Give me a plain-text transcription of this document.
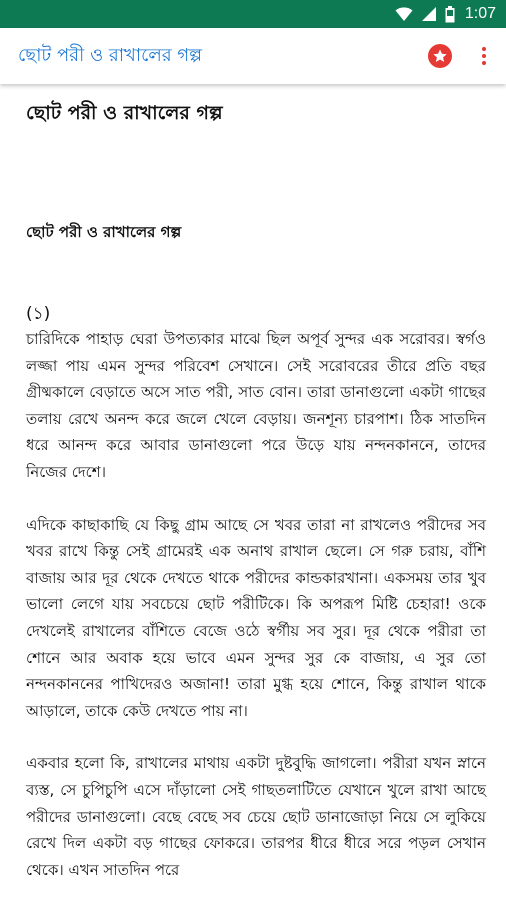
1:07
ছোট পরী ও রাখালের গল্প
ছোট পরী ও রাখালের গল্প
ছোট পরী ও রাখালের গল্প
(১)

চারিদিকে পাহাড় ঘেরা উপত্যকার মাঝে ছিল অপূর্ব সুন্দর এক সরোবর। স্বর্গও লজ্জা পায় এমন সুন্দর পরিবেশ সেখানে। সেই সরোবরের তীরে প্রতি বছর গ্রীষ্মকালে বেড়াতে অসে সাত পরী, সাত বোন। তারা ডানাগুলো একটা গাছের তলায় রেখে অনন্দ করে জলে খেলে বেড়ায়। জনশূন্য চারপাশ। ঠিক সাতদিন ধরে আনন্দ করে আবার ডানাগুলো পরে উড়ে যায় নন্দনকাননে, তাদের নিজের দেশে।

এদিকে কাছাকাছি যে কিছু গ্রাম আছে সে খবর তারা না রাখলেও পরীদের সব খবর রাখে কিন্তু সেই গ্রামেরই এক অনাথ রাখাল ছেলে। সে গরু চরায়, বাঁশি বাজায় আর দূর থেকে দেখতে থাকে পরীদের কান্ডকারখানা। একসময় তার খুব ভালো লেগে যায় সবচেয়ে ছোট পরীটিকে। কি অপরূপ মিষ্টি চেহারা! ওকে দেখলেই রাখালের বাঁশিতে বেজে ওঠে স্বর্গীয় সব সুর। দূর থেকে পরীরা তা শোনে আর অবাক হয়ে ভাবে এমন সুন্দর সুর কে বাজায়, এ সুর তো নন্দনকাননের পাখিদেরও অজানা! তারা মুগ্ধ হয়ে শোনে, কিন্তু রাখাল থাকে আড়ালে, তাকে কেউ দেখতে পায় না।

একবার হলো কি, রাখালের মাথায় একটা দুষ্টবুদ্ধি জাগলো। পরীরা যখন স্নানে ব্যস্ত, সে চুপিচুপি এসে দাঁড়ালো সেই গাছতলাটিতে যেখানে খুলে রাখা আছে পরীদের ডানাগুলো। বেছে বেছে সব চেয়ে ছোট ডানাজোড়া নিয়ে সে লুকিয়ে রেখে দিল একটা বড় গাছের ফোকরে। তারপর ধীরে ধীরে সরে পড়ল সেখান থেকে। এখন সাতদিন পরে
